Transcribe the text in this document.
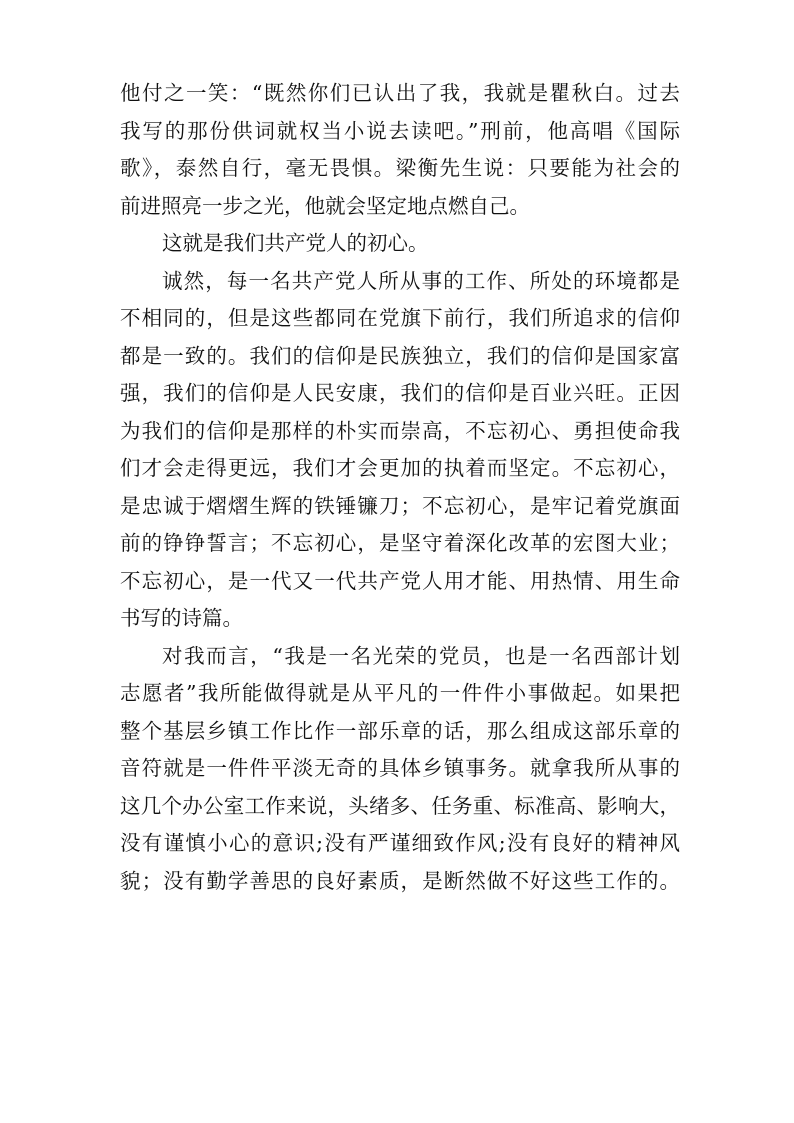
他付之一笑：“既然你们已认出了我，我就是瞿秋白。过去
我写的那份供词就权当小说去读吧。”刑前，他高唱《国际
歌》，泰然自行，毫无畏惧。梁衡先生说：只要能为社会的
前进照亮一步之光，他就会坚定地点燃自己。
这就是我们共产党人的初心。
诚然，每一名共产党人所从事的工作、所处的环境都是
不相同的，但是这些都同在党旗下前行，我们所追求的信仰
都是一致的。我们的信仰是民族独立，我们的信仰是国家富
强，我们的信仰是人民安康，我们的信仰是百业兴旺。正因
为我们的信仰是那样的朴实而崇高，不忘初心、勇担使命我
们才会走得更远，我们才会更加的执着而坚定。不忘初心，
是忠诚于熠熠生辉的铁锤镰刀；不忘初心，是牢记着党旗面
前的铮铮誓言；不忘初心，是坚守着深化改革的宏图大业；
不忘初心，是一代又一代共产党人用才能、用热情、用生命
书写的诗篇。
对我而言，“我是一名光荣的党员，也是一名西部计划
志愿者”我所能做得就是从平凡的一件件小事做起。如果把
整个基层乡镇工作比作一部乐章的话，那么组成这部乐章的
音符就是一件件平淡无奇的具体乡镇事务。就拿我所从事的
这几个办公室工作来说，头绪多、任务重、标准高、影响大，
没有谨慎小心的意识;没有严谨细致作风;没有良好的精神风
貌；没有勤学善思的良好素质，是断然做不好这些工作的。
